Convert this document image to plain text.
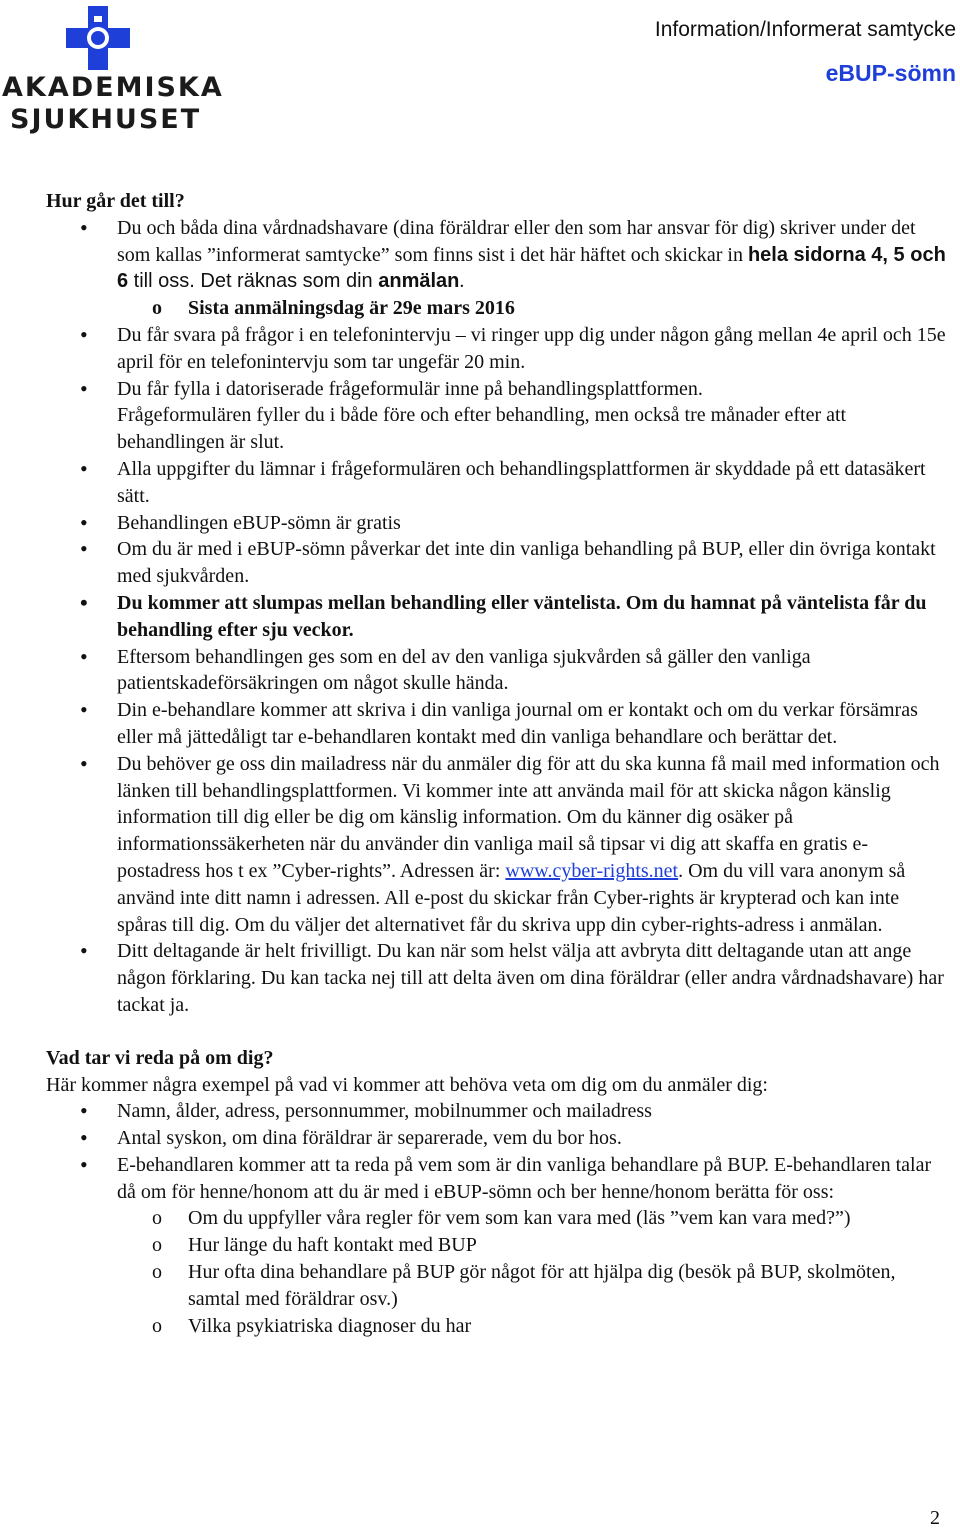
AKADEMISKA
SJUKHUSET
Information/Informerat samtycke
eBUP-sömn
Hur går det till?
• Du och båda dina vårdnadshavare (dina föräldrar eller den som har ansvar för dig) skriver under det som kallas ”informerat samtycke” som finns sist i det här häftet och skickar in hela sidorna 4, 5 och 6 till oss. Det räknas som din anmälan.
o Sista anmälningsdag är 29e mars 2016
• Du får svara på frågor i en telefonintervju – vi ringer upp dig under någon gång mellan 4e april och 15e april för en telefonintervju som tar ungefär 20 min.
• Du får fylla i datoriserade frågeformulär inne på behandlingsplattformen.
Frågeformulären fyller du i både före och efter behandling, men också tre månader efter att behandlingen är slut.
• Alla uppgifter du lämnar i frågeformulären och behandlingsplattformen är skyddade på ett datasäkert sätt.
• Behandlingen eBUP-sömn är gratis
• Om du är med i eBUP-sömn påverkar det inte din vanliga behandling på BUP, eller din övriga kontakt med sjukvården.
• Du kommer att slumpas mellan behandling eller väntelista. Om du hamnat på väntelista får du behandling efter sju veckor.
• Eftersom behandlingen ges som en del av den vanliga sjukvården så gäller den vanliga patientskadeförsäkringen om något skulle hända.
• Din e-behandlare kommer att skriva i din vanliga journal om er kontakt och om du verkar försämras eller må jättedåligt tar e-behandlaren kontakt med din vanliga behandlare och berättar det.
• Du behöver ge oss din mailadress när du anmäler dig för att du ska kunna få mail med information och länken till behandlingsplattformen. Vi kommer inte att använda mail för att skicka någon känslig information till dig eller be dig om känslig information. Om du känner dig osäker på informationssäkerheten när du använder din vanliga mail så tipsar vi dig att skaffa en gratis e-postadress hos t ex ”Cyber-rights”. Adressen är: www.cyber-rights.net. Om du vill vara anonym så använd inte ditt namn i adressen. All e-post du skickar från Cyber-rights är krypterad och kan inte spåras till dig. Om du väljer det alternativet får du skriva upp din cyber-rights-adress i anmälan.
• Ditt deltagande är helt frivilligt. Du kan när som helst välja att avbryta ditt deltagande utan att ange någon förklaring. Du kan tacka nej till att delta även om dina föräldrar (eller andra vårdnadshavare) har tackat ja.
Vad tar vi reda på om dig?

Här kommer några exempel på vad vi kommer att behöva veta om dig om du anmäler dig:

• Namn, ålder, adress, personnummer, mobilnummer och mailadress
• Antal syskon, om dina föräldrar är separerade, vem du bor hos.
• E-behandlaren kommer att ta reda på vem som är din vanliga behandlare på BUP. E-behandlaren talar då om för henne/honom att du är med i eBUP-sömn och ber henne/honom berätta för oss:
o Om du uppfyller våra regler för vem som kan vara med (läs ”vem kan vara med?”)
o Hur länge du haft kontakt med BUP
o Hur ofta dina behandlare på BUP gör något för att hjälpa dig (besök på BUP, skolmöten, samtal med föräldrar osv.)
o Vilka psykiatriska diagnoser du har
2
